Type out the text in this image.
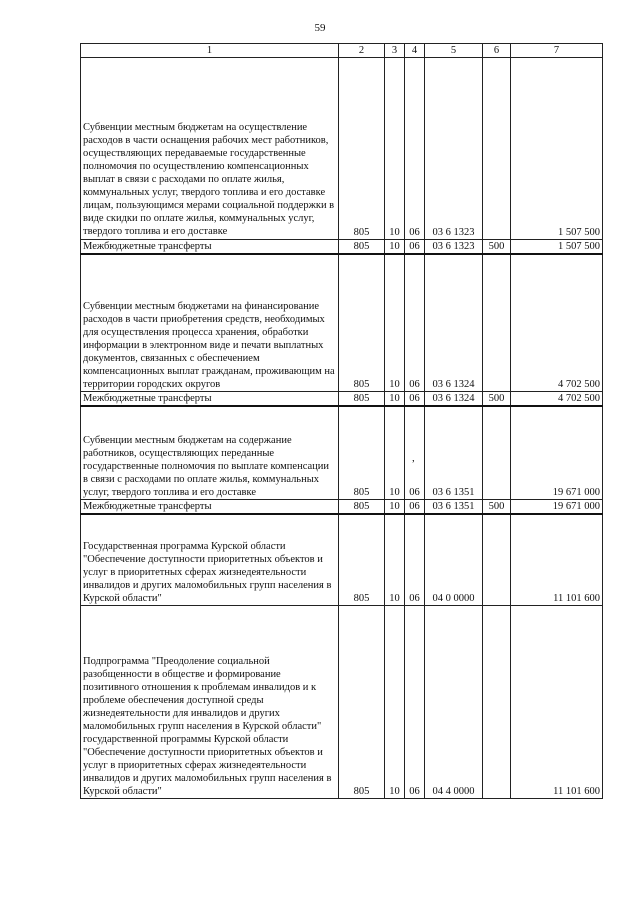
59
1	2	3	4	5	6	7
Субвенции местным бюджетам на осуществление расходов в части оснащения рабочих мест работников, осуществляющих передаваемые государственные полномочия по осуществлению компенсационных выплат в связи с расходами по оплате жилья, коммунальных услуг, твердого топлива и его доставке лицам, пользующимся мерами социальной поддержки в виде скидки по оплате жилья, коммунальных услуг, твердого топлива и его доставке	805	10	06	03 6 1323		1 507 500
Межбюджетные трансферты	805	10	06	03 6 1323	500	1 507 500
Субвенции местным бюджетами на финансирование расходов в части приобретения средств, необходимых для осуществления процесса хранения, обработки информации в электронном виде и печати выплатных документов, связанных с обеспечением компенсационных выплат гражданам, проживающим на территории городских округов	805	10	06	03 6 1324		4 702 500
Межбюджетные трансферты	805	10	06	03 6 1324	500	4 702 500
Субвенции местным бюджетам на содержание работников, осуществляющих переданные государственные полномочия по выплате компенсации в связи с расходами по оплате жилья, коммунальных услуг, твердого топлива и его доставке	805	10	06	03 6 1351		19 671 000
Межбюджетные трансферты	805	10	06	03 6 1351	500	19 671 000
Государственная программа Курской области "Обеспечение доступности приоритетных объектов и услуг в приоритетных сферах жизнедеятельности инвалидов и других маломобильных групп населения в Курской области"	805	10	06	04 0 0000		11 101 600
Подпрограмма "Преодоление социальной разобщенности в обществе и формирование позитивного отношения к проблемам инвалидов и к проблеме обеспечения доступной среды жизнедеятельности для инвалидов и других маломобильных групп населения в Курской области" государственной программы Курской области "Обеспечение доступности приоритетных объектов и услуг в приоритетных сферах жизнедеятельности инвалидов и других маломобильных групп населения в Курской области"	805	10	06	04 4 0000		11 101 600
,
